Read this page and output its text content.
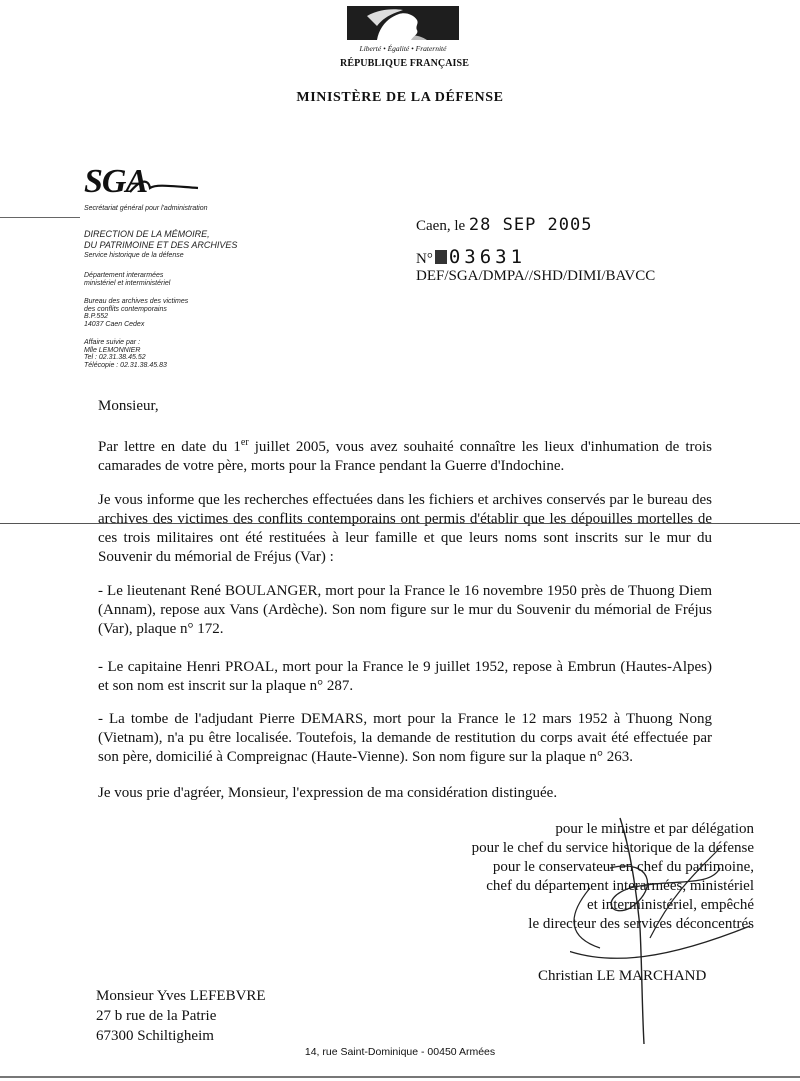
Liberté • Égalité • Fraternité
RÉPUBLIQUE FRANÇAISE
MINISTÈRE DE LA DÉFENSE
SGA
Secrétariat général pour l'administration
DIRECTION DE LA MÉMOIRE,
DU PATRIMOINE ET DES ARCHIVES
Service historique de la défense
Département interarmées
ministériel et interministériel
Bureau des archives des victimes
des conflits contemporains
B.P.552
14037 Caen Cedex
Affaire suivie par :
Mlle LEMONNIER
Tel : 02.31.38.45.52
Télécopie : 02.31.38.45.83
Caen, le 28 SEP 2005
N° 03631
DEF/SGA/DMPA//SHD/DIMI/BAVCC
Monsieur,
Par lettre en date du 1er juillet 2005, vous avez souhaité connaître les lieux d'inhumation de trois camarades de votre père, morts pour la France pendant la Guerre d'Indochine.
Je vous informe que les recherches effectuées dans les fichiers et archives conservés par le bureau des archives des victimes des conflits contemporains ont permis d'établir que les dépouilles mortelles de ces trois militaires ont été restituées à leur famille et que leurs noms sont inscrits sur le mur du Souvenir du mémorial de Fréjus (Var) :
- Le lieutenant René BOULANGER, mort pour la France le 16 novembre 1950 près de Thuong Diem (Annam), repose aux Vans (Ardèche). Son nom figure sur le mur du Souvenir du mémorial de Fréjus (Var), plaque n° 172.
- Le capitaine Henri PROAL, mort pour la France le 9 juillet 1952, repose à Embrun (Hautes-Alpes) et son nom est inscrit sur la plaque n° 287.
- La tombe de l'adjudant Pierre DEMARS, mort pour la France le 12 mars 1952 à Thuong Nong (Vietnam), n'a pu être localisée. Toutefois, la demande de restitution du corps avait été effectuée par son père, domicilié à Compreignac (Haute-Vienne). Son nom figure sur la plaque n° 263.
Je vous prie d'agréer, Monsieur, l'expression de ma considération distinguée.
pour le ministre et par délégation
pour le chef du service historique de la défense
pour le conservateur en chef du patrimoine,
chef du département interarmées, ministériel
et interministériel, empêché
le directeur des services déconcentrés
Christian LE MARCHAND
Monsieur Yves LEFEBVRE
27 b rue de la Patrie
67300 Schiltigheim
14, rue Saint-Dominique - 00450 Armées
